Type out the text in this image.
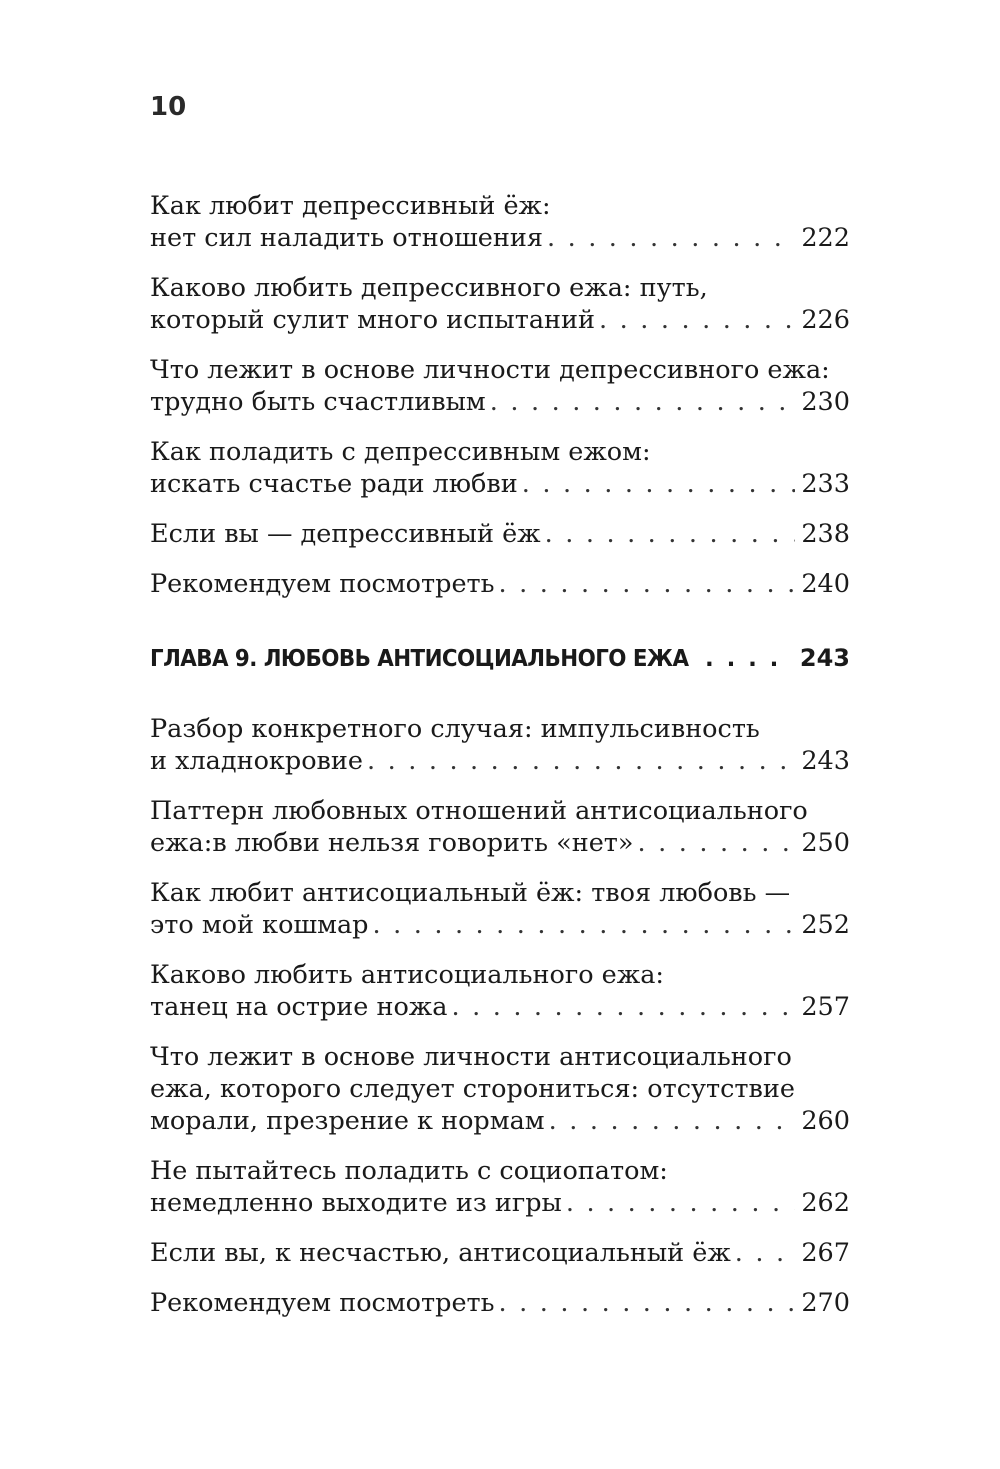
10
Как любит депрессивный ёж:
нет сил наладить отношения . . .	222
Каково любить депрессивного ежа: путь,
который сулит много испытаний . . .	226
Что лежит в основе личности депрессивного ежа:
трудно быть счастливым . . .	230
Как поладить с депрессивным ежом:
искать счастье ради любви . . .	233
Если вы — депрессивный ёж . . .	238
Рекомендуем посмотреть . . .	240
ГЛАВА 9. ЛЮБОВЬ АНТИСОЦИАЛЬНОГО ЕЖА . . .	243
Разбор конкретного случая: импульсивность
и хладнокровие . . .	243
Паттерн любовных отношений антисоциального
ежа:в любви нельзя говорить «нет» . . .	250
Как любит антисоциальный ёж: твоя любовь —
это мой кошмар . . .	252
Каково любить антисоциального ежа:
танец на острие ножа . . .	257
Что лежит в основе личности антисоциального
ежа, которого следует сторониться: отсутствие
морали, презрение к нормам . . .	260
Не пытайтесь поладить с социопатом:
немедленно выходите из игры . . .	262
Если вы, к несчастью, антисоциальный ёж . . .	267
Рекомендуем посмотреть . . .	270
